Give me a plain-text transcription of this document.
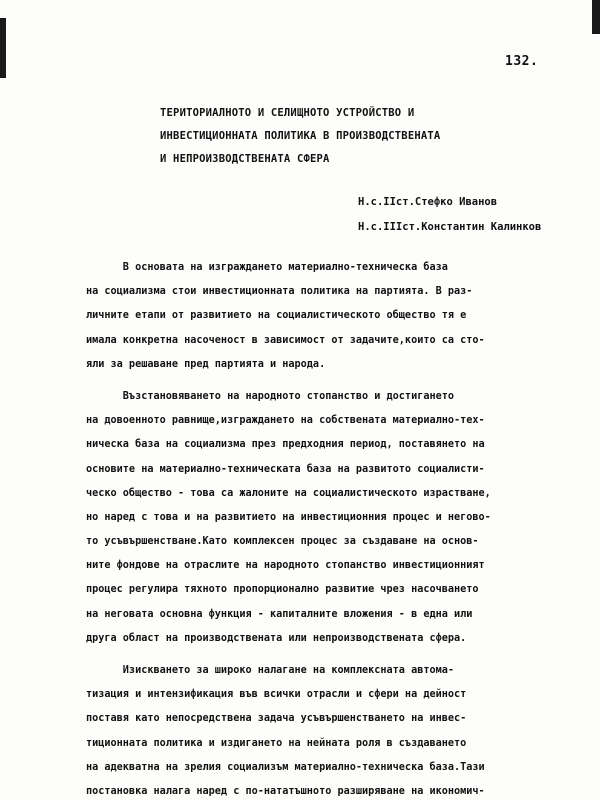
132.
ТЕРИТОРИАЛНОТО И СЕЛИЩНОТО УСТРОЙСТВО И
ИНВЕСТИЦИОННАТА ПОЛИТИКА В ПРОИЗВОДСТВЕНАТА
И НЕПРОИЗВОДСТВЕНАТА СФЕРА
Н.с.IIст.Стефко Иванов
Н.с.IIIст.Константин Калинков
В основата на изграждането материално-техническа база
на социализма стои инвестиционната политика на партията. В раз-
личните етапи от развитието на социалистическото общество тя е
имала конкретна насоченост в зависимост от задачите,които са сто-
яли за решаване пред партията и народа.
Възстановяването на народното стопанство и достигането
на довоенното равнище,изграждането на собствената материално-тех-
ническа база на социализма през предходния период, поставянето на
основите на материално-техническата база на развитото социалисти-
ческо общество - това са жалоните на социалистическото израстване,
но наред с това и на развитието на инвестиционния процес и негово-
то усъвършенстване.Като комплексен процес за създаване на основ-
ните фондове на отраслите на народното стопанство инвестиционният
процес регулира тяхното пропорционално развитие чрез насочването
на неговата основна функция - капиталните вложения - в една или
друга област на производствената или непроизводствената сфера.
Изискването за широко налагане на комплексната автома-
тизация и интензификация във всички отрасли и сфери на дейност
поставя като непосредствена задача усъвършенстването на инвес-
тиционната политика и издигането на нейната роля в създаването
на адекватна на зрелия социализъм материално-техническа база.Тази
постановка налага наред с по-нататъшното разширяване на икономич-
